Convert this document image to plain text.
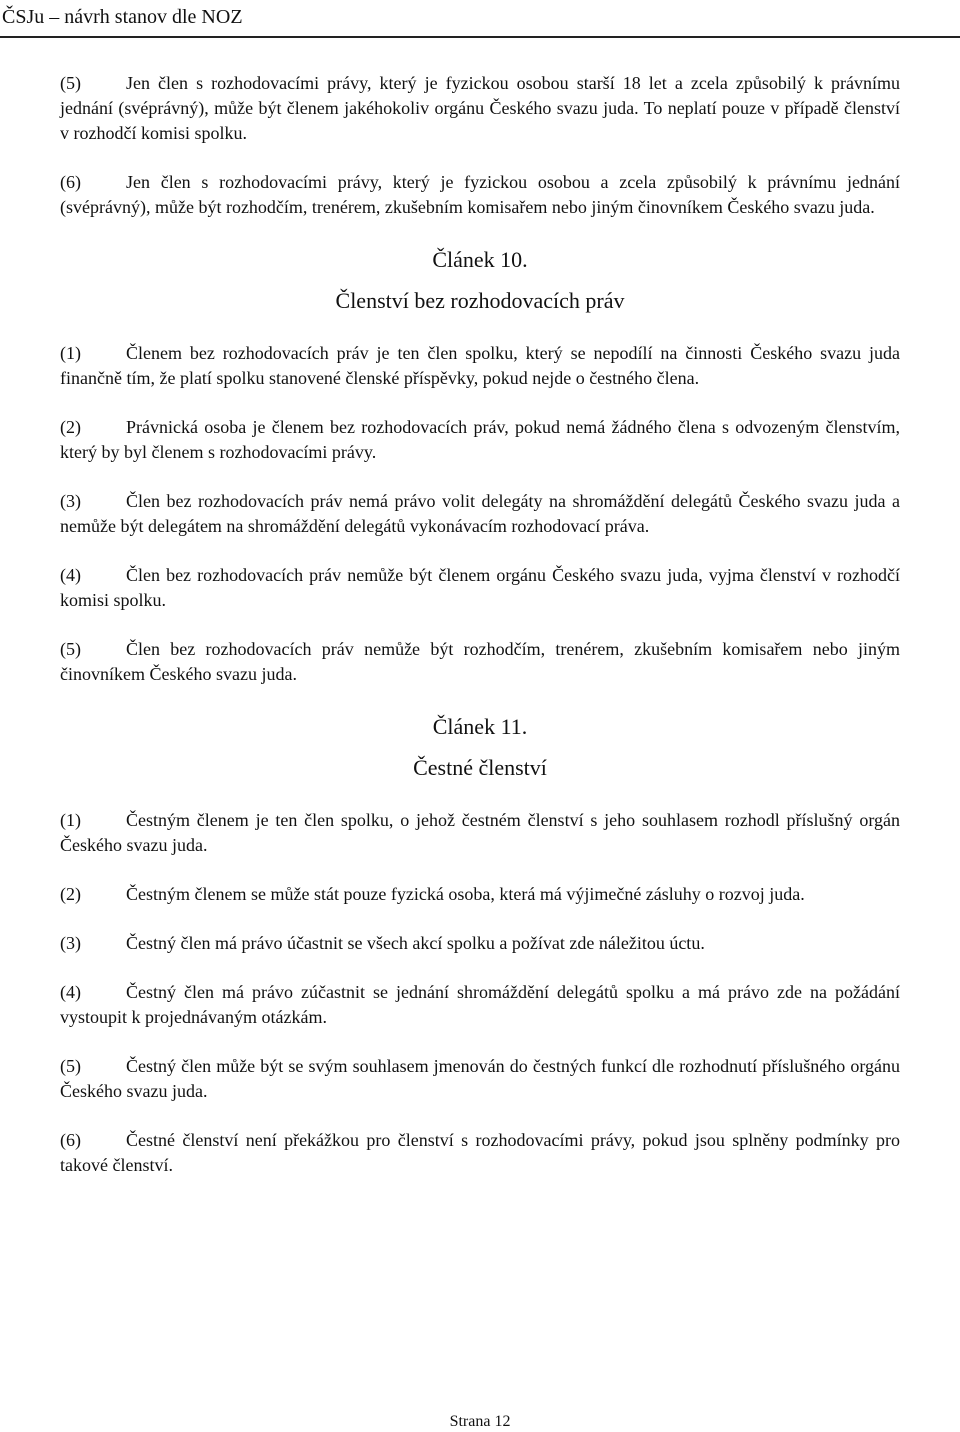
ČSJu – návrh stanov dle NOZ

(5)	Jen člen s rozhodovacími právy, který je fyzickou osobou starší 18 let a zcela způsobilý k právnímu jednání (svéprávný), může být členem jakéhokoliv orgánu Českého svazu juda. To neplatí pouze v případě členství v rozhodčí komisi spolku.

(6)	Jen člen s rozhodovacími právy, který je fyzickou osobou a zcela způsobilý k právnímu jednání (svéprávný), může být rozhodčím, trenérem, zkušebním komisařem nebo jiným činovníkem Českého svazu juda.

Článek 10.

Členství bez rozhodovacích práv

(1)	Členem bez rozhodovacích práv je ten člen spolku, který se nepodílí na činnosti Českého svazu juda finančně tím, že platí spolku stanovené členské příspěvky, pokud nejde o čestného člena.

(2)	Právnická osoba je členem bez rozhodovacích práv, pokud nemá žádného člena s odvozeným členstvím, který by byl členem s rozhodovacími právy.

(3)	Člen bez rozhodovacích práv nemá právo volit delegáty na shromáždění delegátů Českého svazu juda a nemůže být delegátem na shromáždění delegátů vykonávacím rozhodovací práva.

(4)	Člen bez rozhodovacích práv nemůže být členem orgánu Českého svazu juda, vyjma členství v rozhodčí komisi spolku.

(5)	Člen bez rozhodovacích práv nemůže být rozhodčím, trenérem, zkušebním komisařem nebo jiným činovníkem Českého svazu juda.

Článek 11.

Čestné členství

(1)	Čestným členem je ten člen spolku, o jehož čestném členství s jeho souhlasem rozhodl příslušný orgán Českého svazu juda.

(2)	Čestným členem se může stát pouze fyzická osoba, která má výjimečné zásluhy o rozvoj juda.

(3)	Čestný člen má právo účastnit se všech akcí spolku a požívat zde náležitou úctu.

(4)	Čestný člen má právo zúčastnit se jednání shromáždění delegátů spolku a má právo zde na požádání vystoupit k projednávaným otázkám.

(5)	Čestný člen může být se svým souhlasem jmenován do čestných funkcí dle rozhodnutí příslušného orgánu Českého svazu juda.

(6)	Čestné členství není překážkou pro členství s rozhodovacími právy, pokud jsou splněny podmínky pro takové členství.

Strana 12
